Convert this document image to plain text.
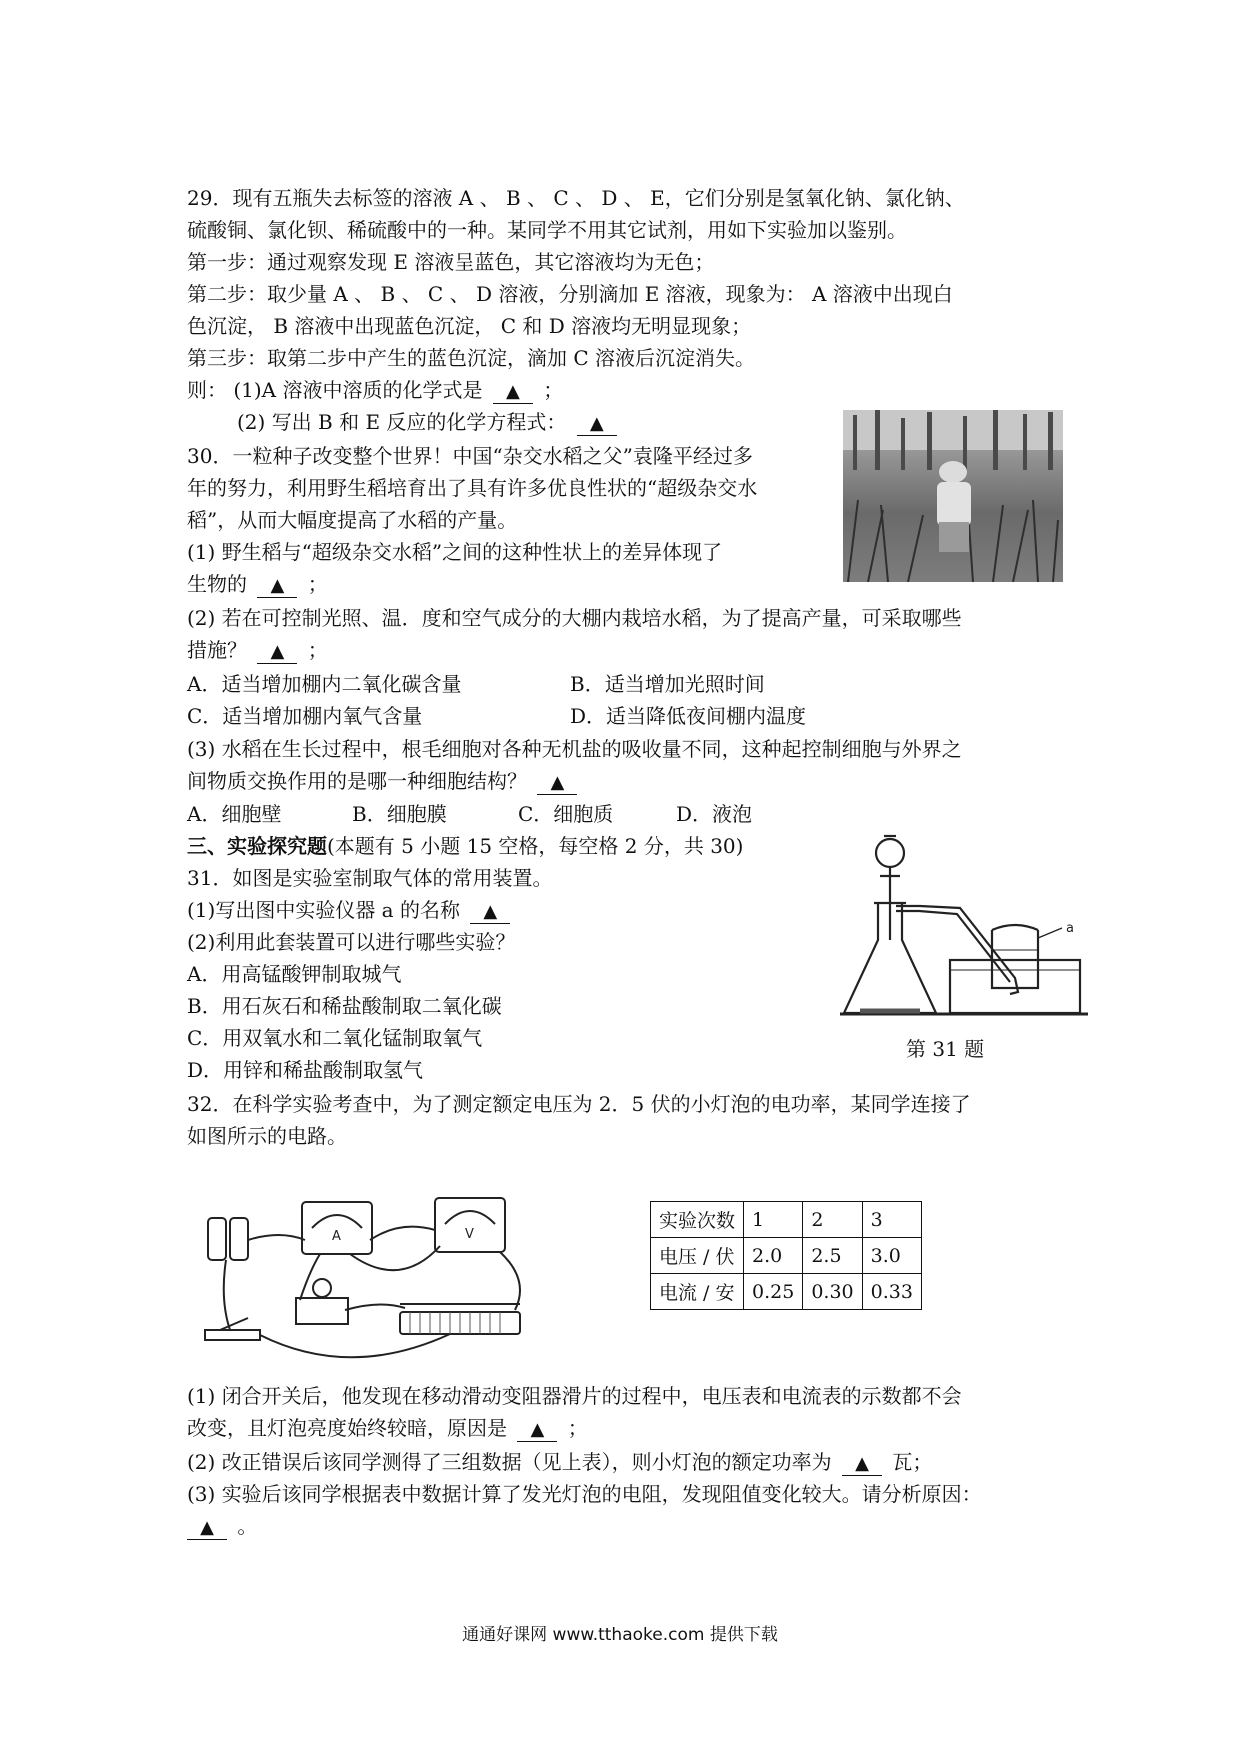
29．现有五瓶失去标签的溶液 A 、 B 、 C 、 D 、 E，它们分别是氢氧化钠、氯化钠、
硫酸铜、氯化钡、稀硫酸中的一种。某同学不用其它试剂，用如下实验加以鉴别。
第一步：通过观察发现 E 溶液呈蓝色，其它溶液均为无色；
第二步：取少量 A 、 B 、 C 、 D 溶液，分别滴加 E 溶液，现象为： A 溶液中出现白
色沉淀， B 溶液中出现蓝色沉淀， C 和 D 溶液均无明显现象；
第三步：取第二步中产生的蓝色沉淀，滴加 C 溶液后沉淀消失。
则： (1)A 溶液中溶质的化学式是 ▲ ；
(2) 写出 B 和 E 反应的化学方程式： ▲
30．一粒种子改变整个世界！中国“杂交水稻之父”袁隆平经过多
年的努力，利用野生稻培育出了具有许多优良性状的“超级杂交水
稻”，从而大幅度提高了水稻的产量。
(1) 野生稻与“超级杂交水稻”之间的这种性状上的差异体现了
生物的 ▲ ；
(2) 若在可控制光照、温．度和空气成分的大棚内栽培水稻，为了提高产量，可采取哪些
措施？ ▲ ；
A．适当增加棚内二氧化碳含量	B．适当增加光照时间
C．适当增加棚内氧气含量	D．适当降低夜间棚内温度
(3) 水稻在生长过程中，根毛细胞对各种无机盐的吸收量不同，这种起控制细胞与外界之
间物质交换作用的是哪一种细胞结构？ ▲
A．细胞壁	B．细胞膜	C．细胞质	D．液泡
三、实验探究题(本题有 5 小题 15 空格，每空格 2 分，共 30)
31．如图是实验室制取气体的常用装置。
(1)写出图中实验仪器 a 的名称 ▲
(2)利用此套装置可以进行哪些实验？
A．用高锰酸钾制取城气
B．用石灰石和稀盐酸制取二氧化碳
C．用双氧水和二氧化锰制取氧气
D．用锌和稀盐酸制取氢气
a
第 31 题
32．在科学实验考查中，为了测定额定电压为 2．5 伏的小灯泡的电功率，某同学连接了
如图所示的电路。
A	V
实验次数	1	2	3
电压 / 伏	2.0	2.5	3.0
电流 / 安	0.25	0.30	0.33
(1) 闭合开关后，他发现在移动滑动变阻器滑片的过程中，电压表和电流表的示数都不会
改变，且灯泡亮度始终较暗，原因是 ▲ ；
(2) 改正错误后该同学测得了三组数据（见上表），则小灯泡的额定功率为 ▲ 瓦；
(3) 实验后该同学根据表中数据计算了发光灯泡的电阻，发现阻值变化较大。请分析原因：
▲ 。
通通好课网 www.tthaoke.com 提供下载
